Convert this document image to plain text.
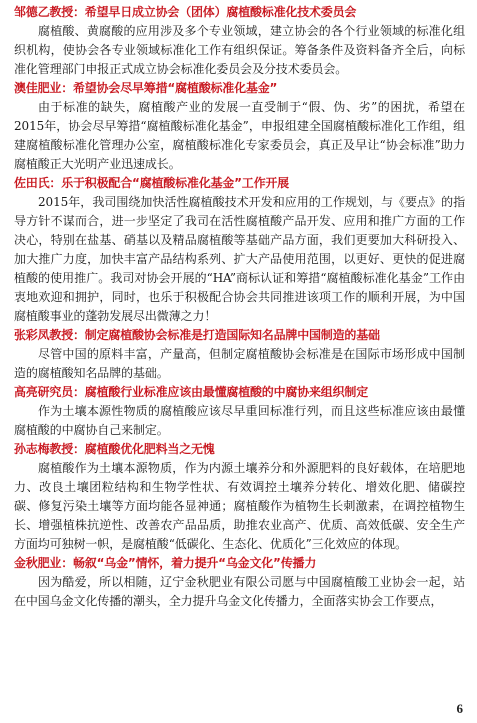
邹德乙教授：希望早日成立协会（团体）腐植酸标准化技术委员会

腐植酸、黄腐酸的应用涉及多个专业领域，建立协会的各个行业领域的标准化组织机构，使协会各专业领域标准化工作有组织保证。筹备条件及资料备齐全后，向标准化管理部门申报正式成立协会标准化委员会及分技术委员会。

澳佳肥业：希望协会尽早筹措“腐植酸标准化基金”

由于标准的缺失，腐植酸产业的发展一直受制于“假、伪、劣”的困扰，希望在2015年，协会尽早筹措“腐植酸标准化基金”，申报组建全国腐植酸标准化工作组，组建腐植酸标准化管理办公室，腐植酸标准化专家委员会，真正及早让“协会标准”助力腐植酸正大光明产业迅速成长。

佐田氏：乐于积极配合“腐植酸标准化基金”工作开展

2015年，我司围绕加快活性腐植酸技术开发和应用的工作规划，与《要点》的指导方针不谋而合，进一步坚定了我司在活性腐植酸产品开发、应用和推广方面的工作决心，特别在盐基、硝基以及精品腐植酸等基础产品方面，我们更要加大科研投入、加大推广力度，加快丰富产品结构系列、扩大产品使用范围，以更好、更快的促进腐植酸的使用推广。我司对协会开展的“HA”商标认证和筹措“腐植酸标准化基金”工作由衷地欢迎和拥护，同时，也乐于积极配合协会共同推进该项工作的顺利开展，为中国腐植酸事业的蓬勃发展尽出微薄之力！

张彩凤教授：制定腐植酸协会标准是打造国际知名品牌中国制造的基础

尽管中国的原料丰富，产量高，但制定腐植酸协会标准是在国际市场形成中国制造的腐植酸知名品牌的基础。

高亮研究员：腐植酸行业标准应该由最懂腐植酸的中腐协来组织制定

作为土壤本源性物质的腐植酸应该尽早重回标准行列，而且这些标准应该由最懂腐植酸的中腐协自己来制定。

孙志梅教授：腐植酸优化肥料当之无愧

腐植酸作为土壤本源物质，作为内源土壤养分和外源肥料的良好载体，在培肥地力、改良土壤团粒结构和生物学性状、有效调控土壤养分转化、增效化肥、储碳控碳、修复污染土壤等方面均能各显神通；腐植酸作为植物生长刺激素，在调控植物生长、增强植株抗逆性、改善农产品品质，助推农业高产、优质、高效低碳、安全生产方面均可独树一帜，是腐植酸“低碳化、生态化、优质化”三化效应的体现。

金秋肥业：畅叙“乌金”情怀，着力提升“乌金文化”传播力

因为酷爱，所以相随，辽宁金秋肥业有限公司愿与中国腐植酸工业协会一起，站在中国乌金文化传播的潮头，全力提升乌金文化传播力，全面落实协会工作要点，

6
